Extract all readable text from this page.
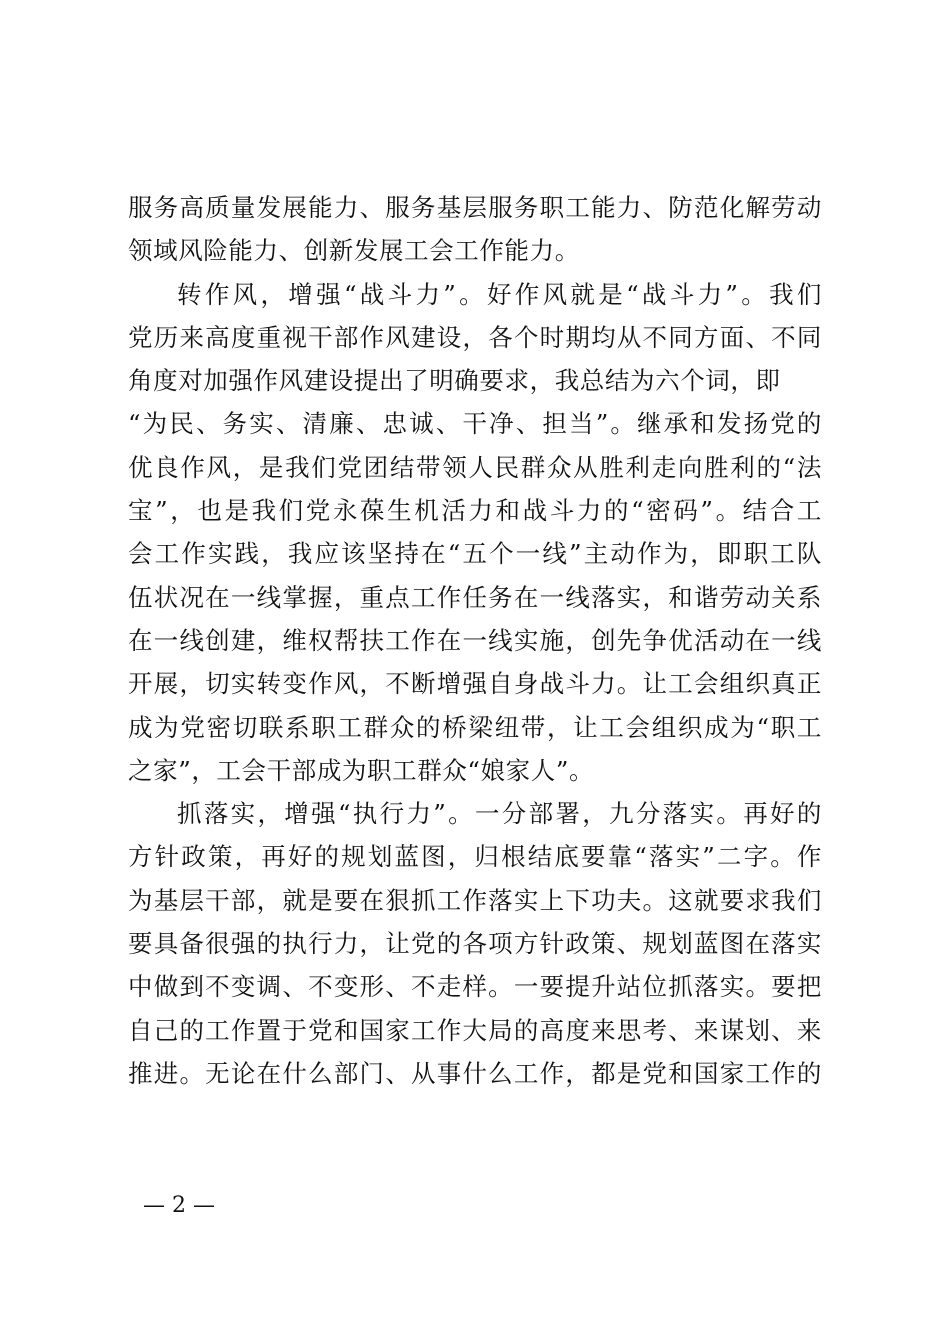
服务高质量发展能力、服务基层服务职工能力、防范化解劳动
领域风险能力、创新发展工会工作能力。
转作风，增强“战斗力”。好作风就是“战斗力”。我们
党历来高度重视干部作风建设，各个时期均从不同方面、不同
角度对加强作风建设提出了明确要求，我总结为六个词，即
“为民、务实、清廉、忠诚、干净、担当”。继承和发扬党的
优良作风，是我们党团结带领人民群众从胜利走向胜利的“法
宝”，也是我们党永葆生机活力和战斗力的“密码”。结合工
会工作实践，我应该坚持在“五个一线”主动作为，即职工队
伍状况在一线掌握，重点工作任务在一线落实，和谐劳动关系
在一线创建，维权帮扶工作在一线实施，创先争优活动在一线
开展，切实转变作风，不断增强自身战斗力。让工会组织真正
成为党密切联系职工群众的桥梁纽带，让工会组织成为“职工
之家”，工会干部成为职工群众“娘家人”。
抓落实，增强“执行力”。一分部署，九分落实。再好的
方针政策，再好的规划蓝图，归根结底要靠“落实”二字。作
为基层干部，就是要在狠抓工作落实上下功夫。这就要求我们
要具备很强的执行力，让党的各项方针政策、规划蓝图在落实
中做到不变调、不变形、不走样。一要提升站位抓落实。要把
自己的工作置于党和国家工作大局的高度来思考、来谋划、来
推进。无论在什么部门、从事什么工作，都是党和国家工作的
— 2 —
